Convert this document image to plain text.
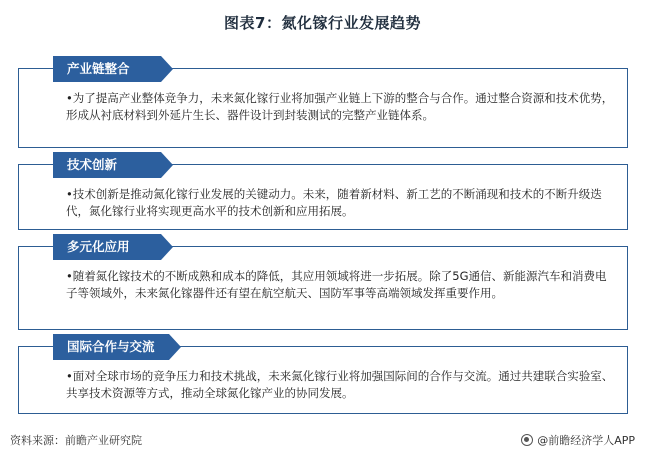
图表7：氮化镓行业发展趋势
产业链整合
•为了提高产业整体竞争力，未来氮化镓行业将加强产业链上下游的整合与合作。通过整合资源和技术优势，形成从衬底材料到外延片生长、器件设计到封装测试的完整产业链体系。
技术创新
•技术创新是推动氮化镓行业发展的关键动力。未来，随着新材料、新工艺的不断涌现和技术的不断升级迭代，氮化镓行业将实现更高水平的技术创新和应用拓展。
多元化应用
•随着氮化镓技术的不断成熟和成本的降低，其应用领域将进一步拓展。除了5G通信、新能源汽车和消费电子等领域外，未来氮化镓器件还有望在航空航天、国防军事等高端领域发挥重要作用。
国际合作与交流
•面对全球市场的竞争压力和技术挑战，未来氮化镓行业将加强国际间的合作与交流。通过共建联合实验室、共享技术资源等方式，推动全球氮化镓产业的协同发展。
资料来源：前瞻产业研究院	@前瞻经济学人APP
